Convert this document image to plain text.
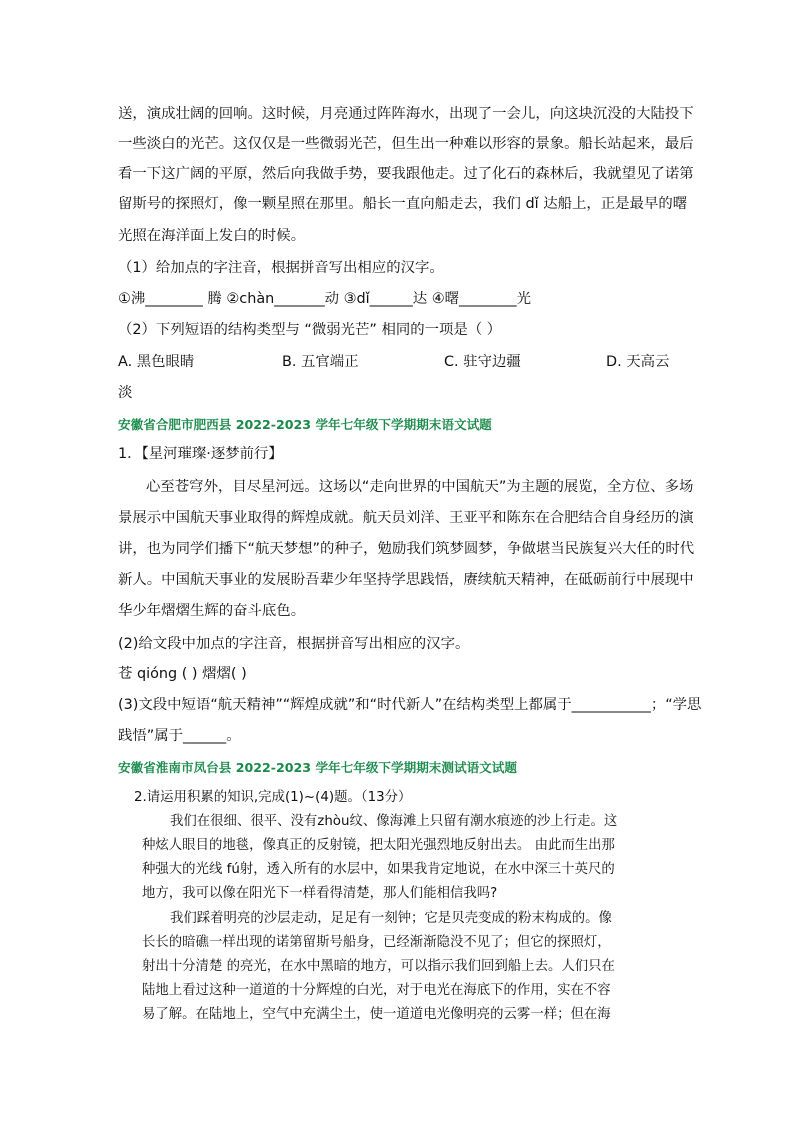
送，演成壮阔的回响。这时候，月亮通过阵阵海水，出现了一会儿，向这块沉没的大陆投下
一些淡白的光芒。这仅仅是一些微弱光芒，但生出一种难以形容的景象。船长站起来，最后
看一下这广阔的平原，然后向我做手势，要我跟他走。过了化石的森林后，我就望见了诺第
留斯号的探照灯，像一颗星照在那里。船长一直向船走去，我们 dǐ 达船上，正是最早的曙
光照在海洋面上发白的时候。
（1）给加点的字注音，根据拼音写出相应的汉字。
①沸________ 腾 ②chàn_______动 ③dǐ______达 ④曙________光
（2）下列短语的结构类型与 “微弱光芒” 相同的一项是（ ）
A. 黑色眼睛	B. 五官端正	C. 驻守边疆	D. 天高云
淡
安徽省合肥市肥西县 2022-2023 学年七年级下学期期末语文试题
1．【星河璀璨·逐梦前行】
心至苍穹外，目尽星河远。这场以“走向世界的中国航天”为主题的展览，全方位、多场
景展示中国航天事业取得的辉煌成就。航天员刘洋、王亚平和陈东在合肥结合自身经历的演
讲，也为同学们播下“航天梦想”的种子，勉励我们筑梦圆梦，争做堪当民族复兴大任的时代
新人。中国航天事业的发展盼吾辈少年坚持学思践悟，赓续航天精神，在砥砺前行中展现中
华少年熠熠生辉的奋斗底色。
(2)给文段中加点的字注音，根据拼音写出相应的汉字。
苍 qióng ( ) 熠熠( )
(3)文段中短语“航天精神”“辉煌成就”和“时代新人”在结构类型上都属于___________；“学思
践悟”属于______。
安徽省淮南市凤台县 2022-2023 学年七年级下学期期末测试语文试题
2.请运用积累的知识,完成(1)~(4)题。（13分）
我们在很细、很平、没有zhòu纹、像海滩上只留有潮水痕迹的沙上行走。这
种炫人眼目的地毯，像真正的反射镜，把太阳光强烈地反射出去。 由此而生出那
种强大的光线 fú射，透入所有的水层中，如果我肯定地说，在水中深三十英尺的
地方，我可以像在阳光下一样看得清楚，那人们能相信我吗?
我们踩着明亮的沙层走动，足足有一刻钟；它是贝壳变成的粉末构成的。像
长长的暗礁一样出现的诺第留斯号船身，已经渐渐隐没不见了；但它的探照灯，
射出十分清楚 的亮光，在水中黑暗的地方，可以指示我们回到船上去。人们只在
陆地上看过这种一道道的十分辉煌的白光，对于电光在海底下的作用，实在不容
易了解。在陆地上，空气中充满尘土，使一道道电光像明亮的云雾一样；但在海
